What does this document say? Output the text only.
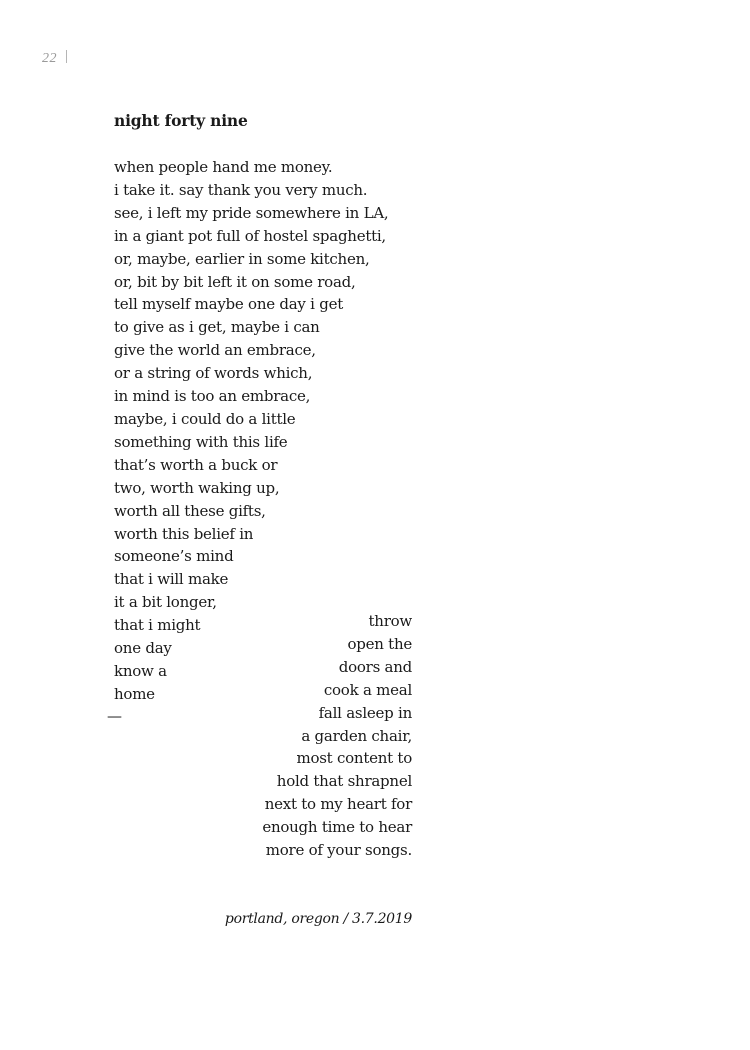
22
night forty nine
when people hand me money.
i take it. say thank you very much.
see, i left my pride somewhere in LA,
in a giant pot full of hostel spaghetti,
or, maybe, earlier in some kitchen,
or, bit by bit left it on some road,
tell myself maybe one day i get
to give as i get, maybe i can
give the world an embrace,
or a string of words which,
in mind is too an embrace,
maybe, i could do a little
something with this life
that’s worth a buck or
two, worth waking up,
worth all these gifts,
worth this belief in
someone’s mind
that i will make
it a bit longer,
that i might
one day
know a
home
—
throw
open the
doors and
cook a meal
fall asleep in
a garden chair,
most content to
hold that shrapnel
next to my heart for
enough time to hear
more of your songs.
portland, oregon / 3.7.2019
